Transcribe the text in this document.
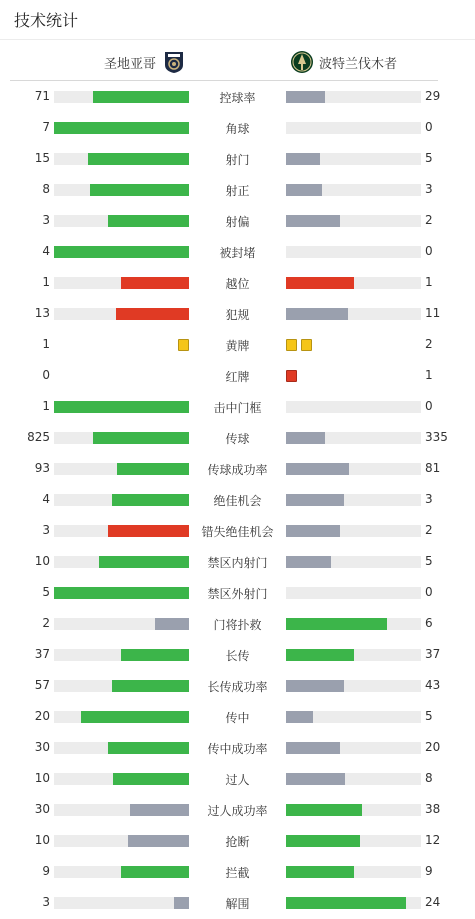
技术统计
圣地亚哥	波特兰伐木者
71	控球率	29
7	角球	0
15	射门	5
8	射正	3
3	射偏	2
4	被封堵	0
1	越位	1
13	犯规	11
1	黄牌	2
0	红牌	1
1	击中门框	0
825	传球	335
93	传球成功率	81
4	绝佳机会	3
3	错失绝佳机会	2
10	禁区内射门	5
5	禁区外射门	0
2	门将扑救	6
37	长传	37
57	长传成功率	43
20	传中	5
30	传中成功率	20
10	过人	8
30	过人成功率	38
10	抢断	12
9	拦截	9
3	解围	24
